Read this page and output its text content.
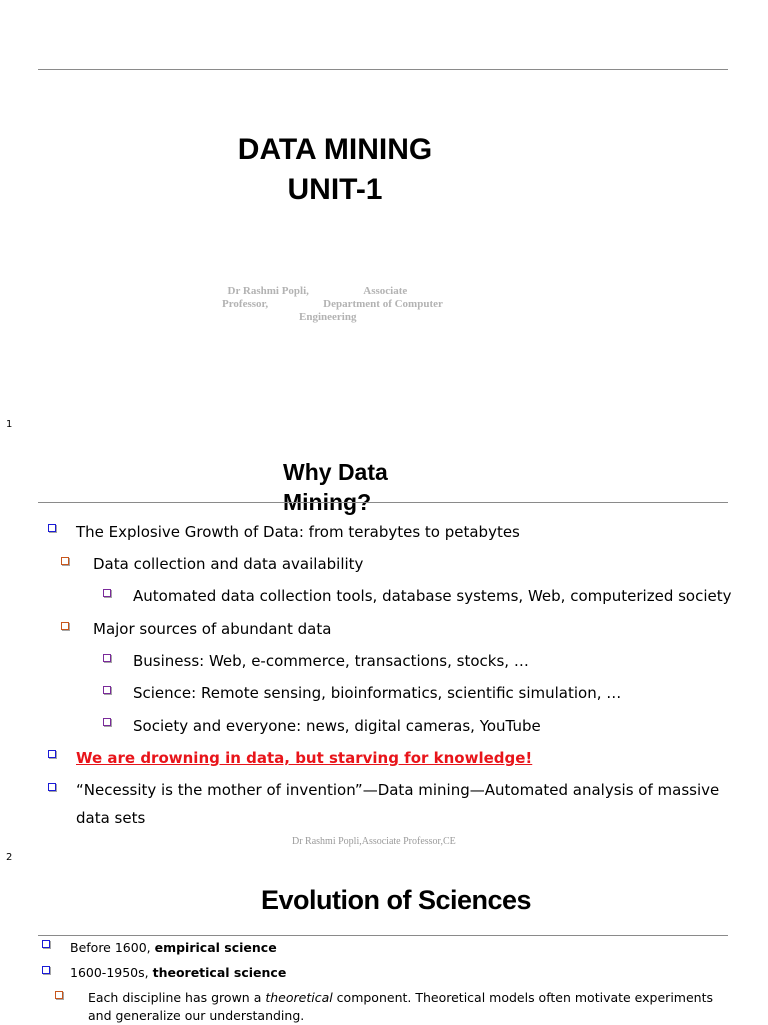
DATA MINING
UNIT-1
Dr Rashmi Popli,                    Associate
Professor,                    Department of Computer
Engineering
1
Why Data Mining?
The Explosive Growth of Data: from terabytes to petabytes
Data collection and data availability
Automated data collection tools, database systems, Web, computerized society
Major sources of abundant data
Business: Web, e-commerce, transactions, stocks, …
Science: Remote sensing, bioinformatics, scientific simulation, …
Society and everyone: news, digital cameras, YouTube
We are drowning in data, but starving for knowledge!
“Necessity is the mother of invention”—Data mining—Automated analysis of massive
data sets
Dr Rashmi Popli,Associate Professor,CE
2
Evolution of Sciences
Before 1600, empirical science
1600-1950s, theoretical science
Each discipline has grown a theoretical component. Theoretical models often motivate experiments
and generalize our understanding.
